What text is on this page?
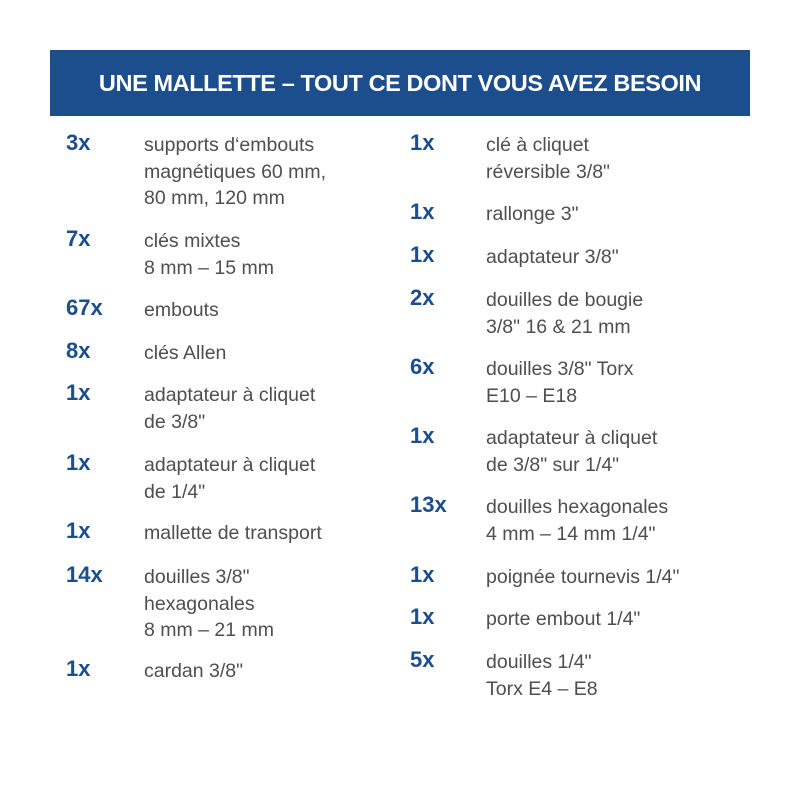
UNE MALLETTE – TOUT CE DONT VOUS AVEZ BESOIN
3x	supports d‘embouts
magnétiques 60 mm,
80 mm, 120 mm
7x	clés mixtes
8 mm – 15 mm
67x embouts
8x	clés Allen
1x	adaptateur à cliquet
de 3/8"
1x	adaptateur à cliquet
de 1/4"
1x	mallette de transport
14x douilles 3/8"
hexagonales
8 mm – 21 mm
1x	cardan 3/8"
1x	clé à cliquet
réversible 3/8"
1x	rallonge 3"
1x	adaptateur 3/8"
2x	douilles de bougie
3/8" 16 & 21 mm
6x	douilles 3/8" Torx
E10 – E18
1x	adaptateur à cliquet
de 3/8" sur 1/4"
13x douilles hexagonales
4 mm – 14 mm 1/4"
1x	poignée tournevis 1/4"
1x	porte embout 1/4"
5x	douilles 1/4"
Torx E4 – E8
